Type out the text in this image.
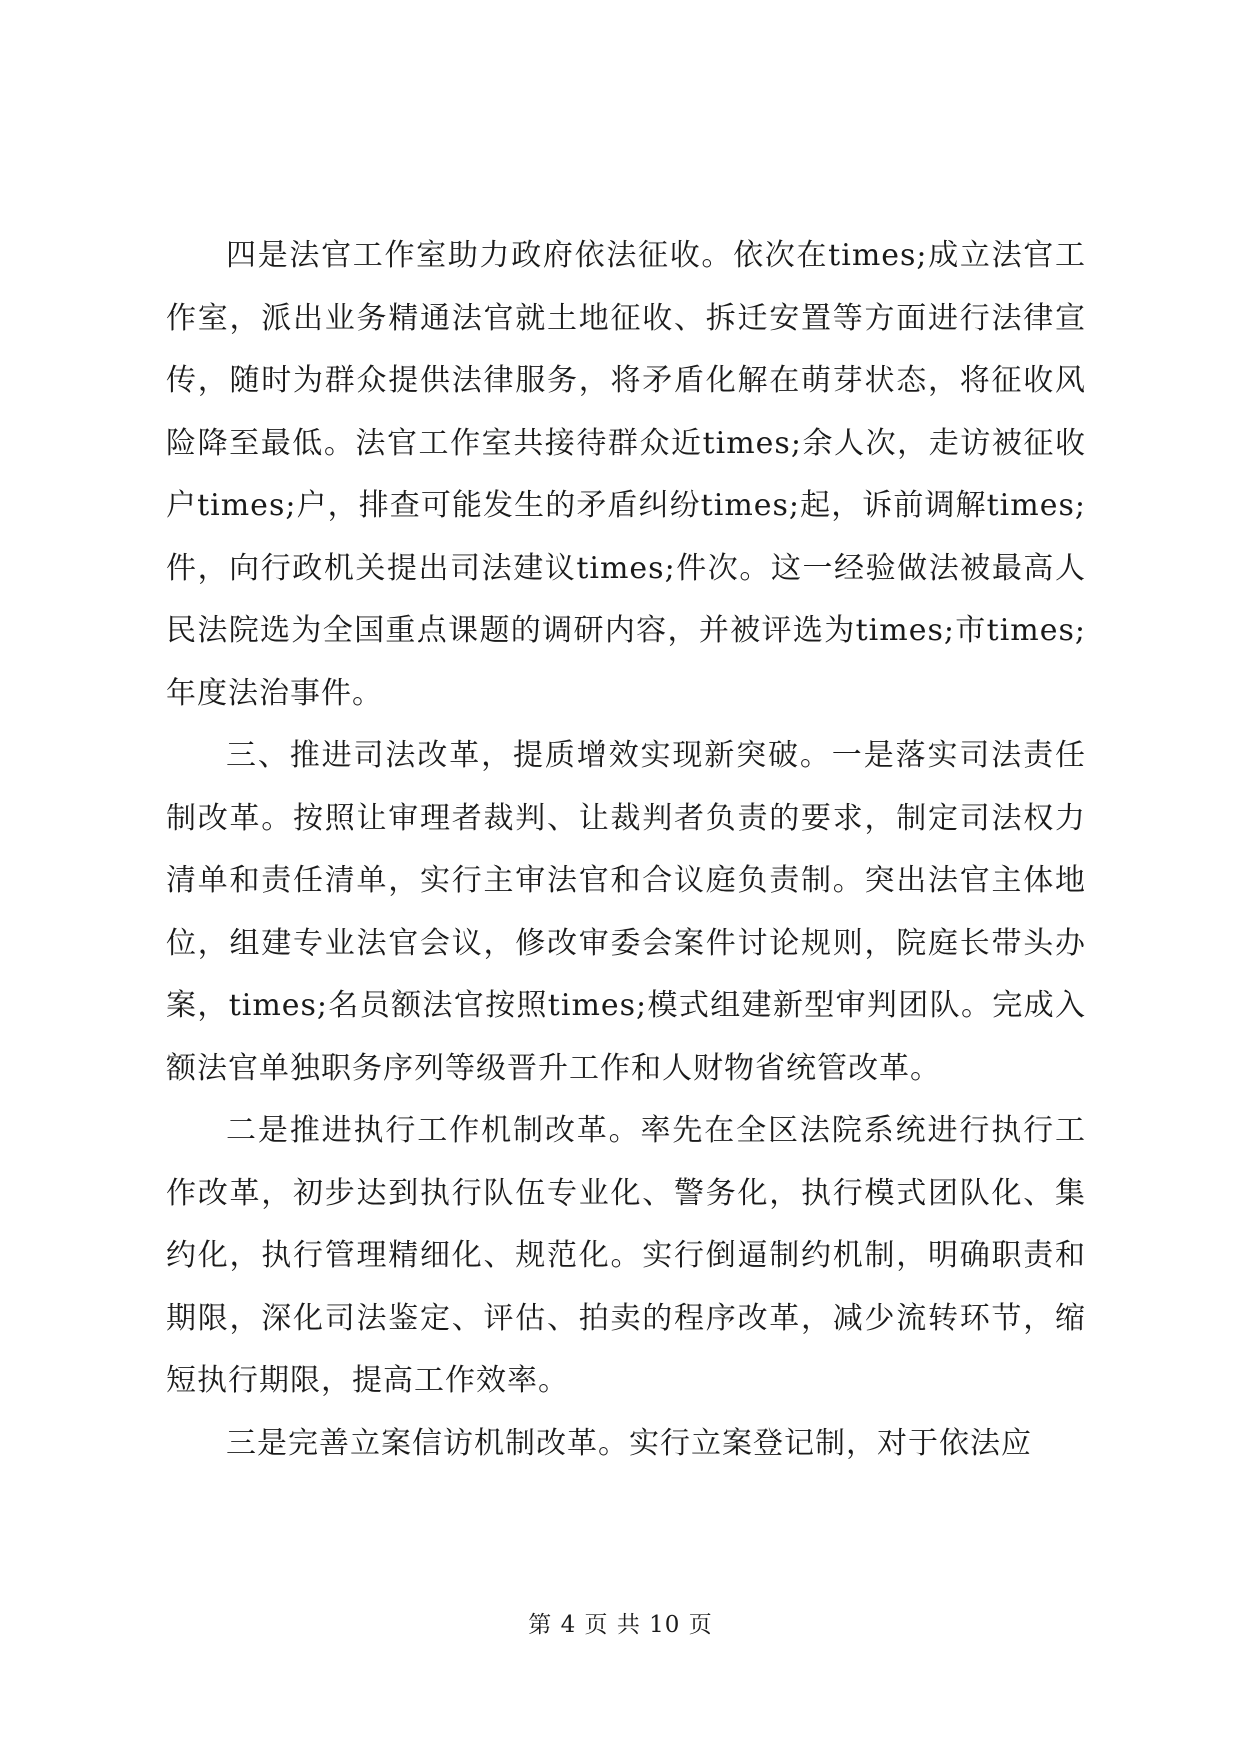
四是法官工作室助力政府依法征收。依次在times;成立法官工作室，派出业务精通法官就土地征收、拆迁安置等方面进行法律宣传，随时为群众提供法律服务，将矛盾化解在萌芽状态，将征收风险降至最低。法官工作室共接待群众近times;余人次，走访被征收户times;户，排查可能发生的矛盾纠纷times;起，诉前调解times;件，向行政机关提出司法建议times;件次。这一经验做法被最高人民法院选为全国重点课题的调研内容，并被评选为times;市times;年度法治事件。

三、推进司法改革，提质增效实现新突破。一是落实司法责任制改革。按照让审理者裁判、让裁判者负责的要求，制定司法权力清单和责任清单，实行主审法官和合议庭负责制。突出法官主体地位，组建专业法官会议，修改审委会案件讨论规则，院庭长带头办案，times;名员额法官按照times;模式组建新型审判团队。完成入额法官单独职务序列等级晋升工作和人财物省统管改革。

二是推进执行工作机制改革。率先在全区法院系统进行执行工作改革，初步达到执行队伍专业化、警务化，执行模式团队化、集约化，执行管理精细化、规范化。实行倒逼制约机制，明确职责和期限，深化司法鉴定、评估、拍卖的程序改革，减少流转环节，缩短执行期限，提高工作效率。

三是完善立案信访机制改革。实行立案登记制，对于依法应

第 4 页 共 10 页
